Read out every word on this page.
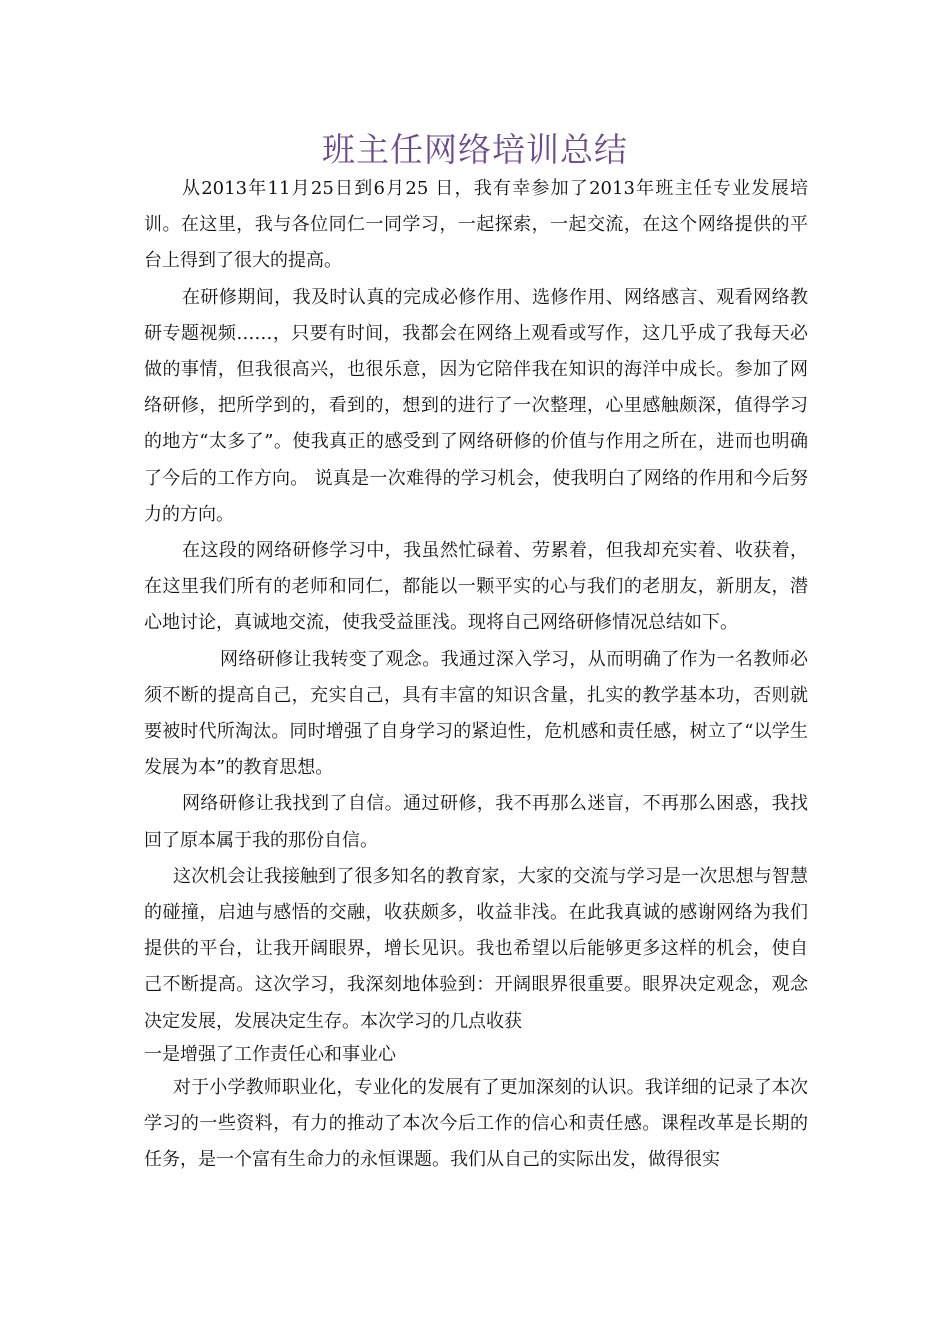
班主任网络培训总结

从2013年11月25日到6月25 日，我有幸参加了2013年班主任专业发展培训。在这里，我与各位同仁一同学习，一起探索，一起交流，在这个网络提供的平台上得到了很大的提高。

在研修期间，我及时认真的完成必修作用、选修作用、网络感言、观看网络教研专题视频……，只要有时间，我都会在网络上观看或写作，这几乎成了我每天必做的事情，但我很高兴，也很乐意，因为它陪伴我在知识的海洋中成长。参加了网络研修，把所学到的，看到的，想到的进行了一次整理，心里感触颇深，值得学习的地方“太多了”。使我真正的感受到了网络研修的价值与作用之所在，进而也明确了今后的工作方向。 说真是一次难得的学习机会，使我明白了网络的作用和今后努力的方向。

在这段的网络研修学习中，我虽然忙碌着、劳累着，但我却充实着、收获着，在这里我们所有的老师和同仁，都能以一颗平实的心与我们的老朋友，新朋友，潜心地讨论，真诚地交流，使我受益匪浅。现将自己网络研修情况总结如下。

网络研修让我转变了观念。我通过深入学习，从而明确了作为一名教师必须不断的提高自己，充实自己，具有丰富的知识含量，扎实的教学基本功，否则就要被时代所淘汰。同时增强了自身学习的紧迫性，危机感和责任感，树立了“以学生发展为本”的教育思想。

网络研修让我找到了自信。通过研修，我不再那么迷盲，不再那么困惑，我找回了原本属于我的那份自信。

这次机会让我接触到了很多知名的教育家，大家的交流与学习是一次思想与智慧的碰撞，启迪与感悟的交融，收获颇多，收益非浅。在此我真诚的感谢网络为我们提供的平台，让我开阔眼界，增长见识。我也希望以后能够更多这样的机会，使自己不断提高。这次学习，我深刻地体验到：开阔眼界很重要。眼界决定观念，观念决定发展，发展决定生存。本次学习的几点收获

一是增强了工作责任心和事业心

对于小学教师职业化，专业化的发展有了更加深刻的认识。我详细的记录了本次学习的一些资料，有力的推动了本次今后工作的信心和责任感。课程改革是长期的任务，是一个富有生命力的永恒课题。我们从自己的实际出发，做得很实
